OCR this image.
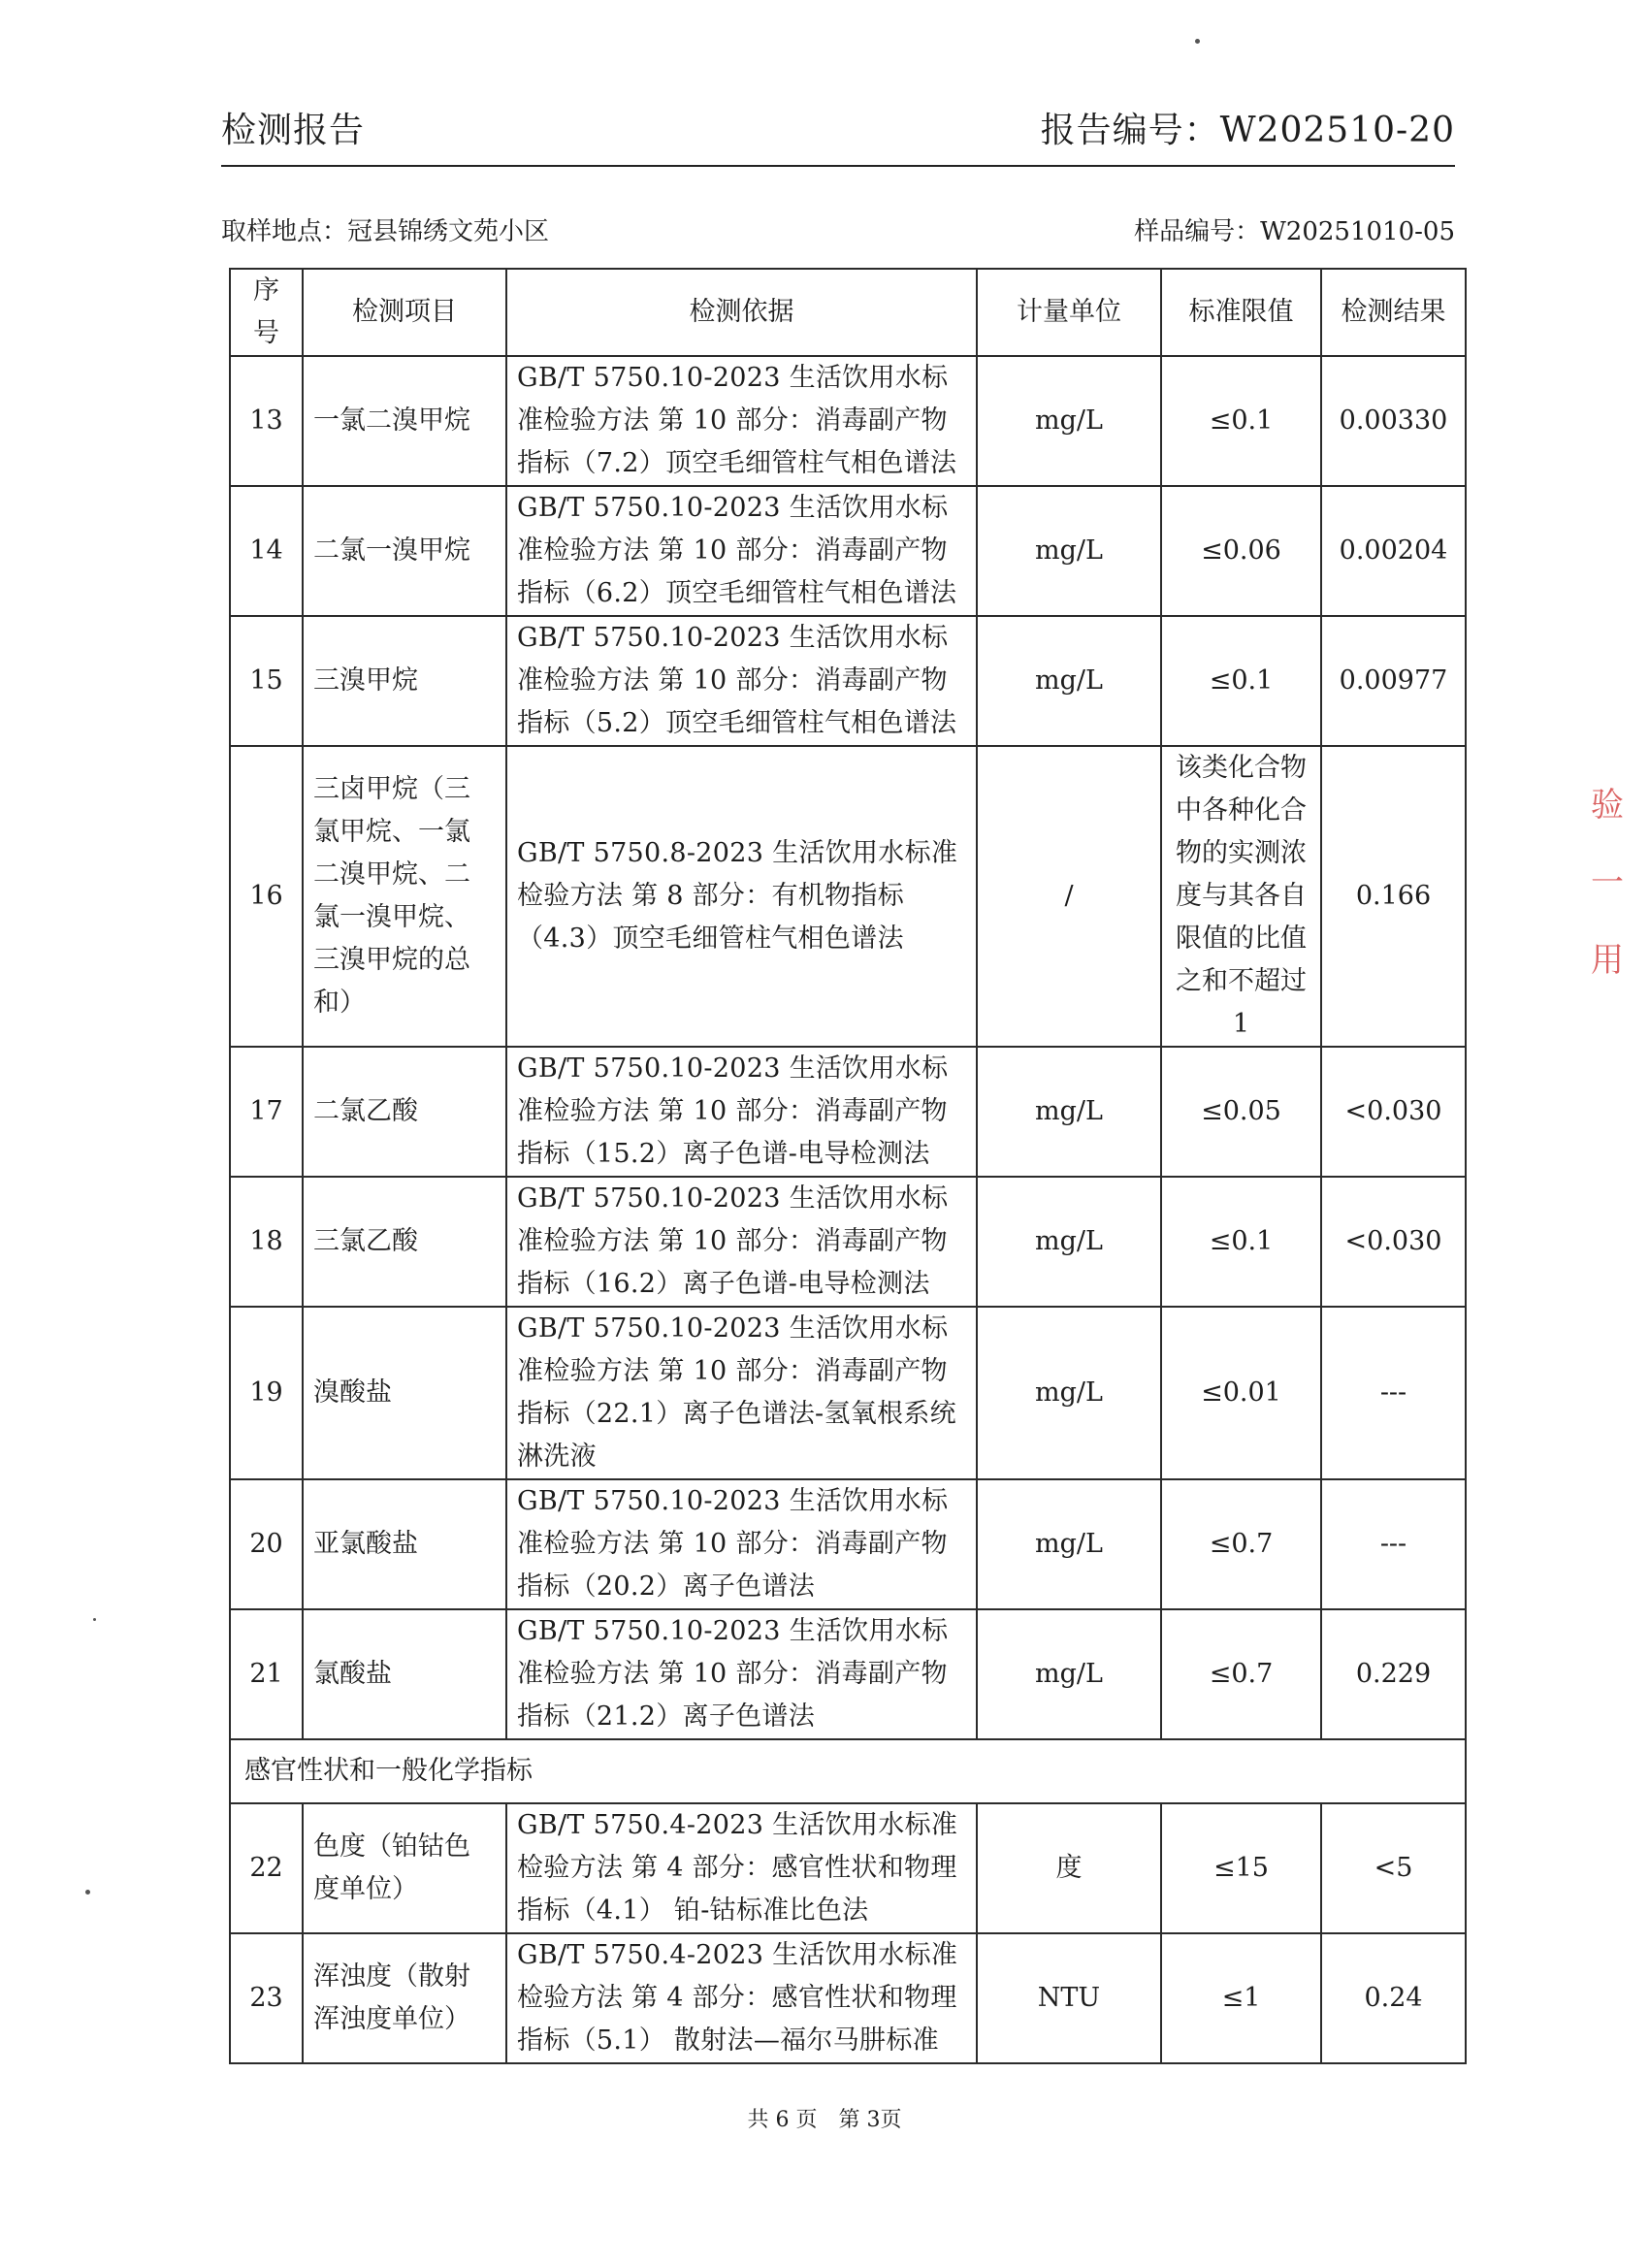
检测报告	报告编号：W202510-20
取样地点：冠县锦绣文苑小区	样品编号：W20251010-05
序号	检测项目	检测依据	计量单位	标准限值	检测结果
13	一氯二溴甲烷	GB/T 5750.10-2023 生活饮用水标准检验方法 第 10 部分：消毒副产物指标（7.2）顶空毛细管柱气相色谱法	mg/L	≤0.1	0.00330
14	二氯一溴甲烷	GB/T 5750.10-2023 生活饮用水标准检验方法 第 10 部分：消毒副产物指标（6.2）顶空毛细管柱气相色谱法	mg/L	≤0.06	0.00204
15	三溴甲烷	GB/T 5750.10-2023 生活饮用水标准检验方法 第 10 部分：消毒副产物指标（5.2）顶空毛细管柱气相色谱法	mg/L	≤0.1	0.00977
16	三卤甲烷（三氯甲烷、一氯二溴甲烷、二氯一溴甲烷、三溴甲烷的总和）	GB/T 5750.8-2023 生活饮用水标准检验方法 第 8 部分：有机物指标（4.3）顶空毛细管柱气相色谱法	/	该类化合物中各种化合物的实测浓度与其各自限值的比值之和不超过1	0.166
17	二氯乙酸	GB/T 5750.10-2023 生活饮用水标准检验方法 第 10 部分：消毒副产物指标（15.2）离子色谱-电导检测法	mg/L	≤0.05	<0.030
18	三氯乙酸	GB/T 5750.10-2023 生活饮用水标准检验方法 第 10 部分：消毒副产物指标（16.2）离子色谱-电导检测法	mg/L	≤0.1	<0.030
19	溴酸盐	GB/T 5750.10-2023 生活饮用水标准检验方法 第 10 部分：消毒副产物指标（22.1）离子色谱法-氢氧根系统淋洗液	mg/L	≤0.01	---
20	亚氯酸盐	GB/T 5750.10-2023 生活饮用水标准检验方法 第 10 部分：消毒副产物指标（20.2）离子色谱法	mg/L	≤0.7	---
21	氯酸盐	GB/T 5750.10-2023 生活饮用水标准检验方法 第 10 部分：消毒副产物指标（21.2）离子色谱法	mg/L	≤0.7	0.229
感官性状和一般化学指标					
22	色度（铂钴色度单位）	GB/T 5750.4-2023 生活饮用水标准检验方法 第 4 部分：感官性状和物理指标（4.1） 铂-钴标准比色法	度	≤15	<5
23	浑浊度（散射浑浊度单位）	GB/T 5750.4-2023 生活饮用水标准检验方法 第 4 部分：感官性状和物理指标（5.1） 散射法—福尔马肼标准	NTU	≤1	0.24
共 6 页　第 3页
验 一 用
